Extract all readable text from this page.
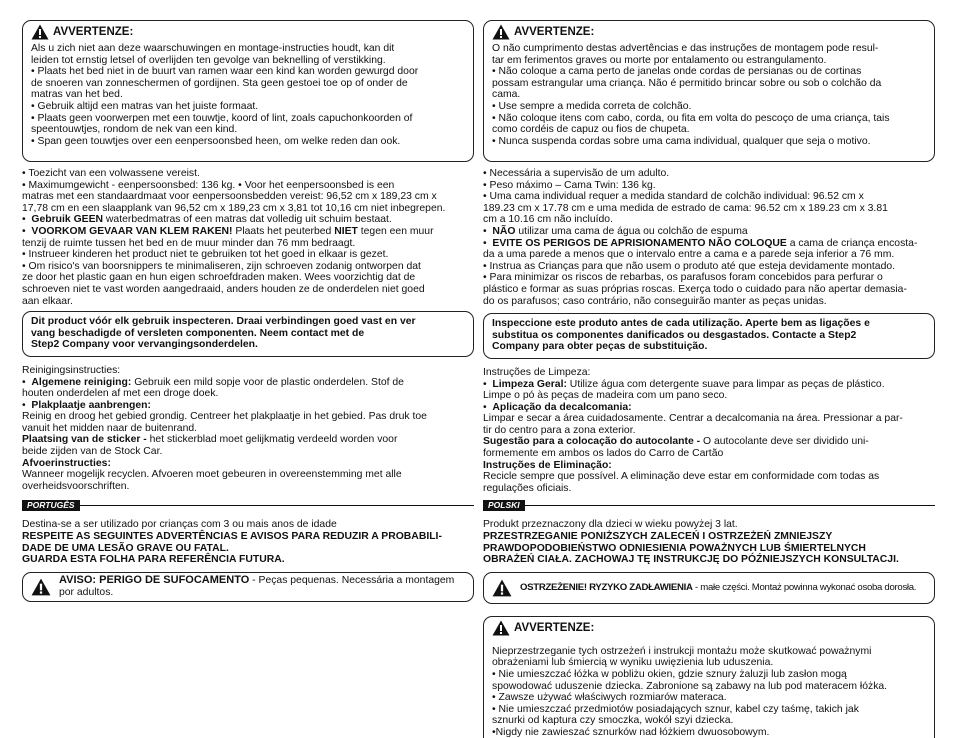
AVVERTENZE:
Als u zich niet aan deze waarschuwingen en montage-instructies houdt, kan dit
leiden tot ernstig letsel of overlijden ten gevolge van beknelling of verstikking.
• Plaats het bed niet in de buurt van ramen waar een kind kan worden gewurgd door
de snoeren van zonneschermen of gordijnen. Sta geen gestoei toe op of onder de
matras van het bed.
• Gebruik altijd een matras van het juiste formaat.
• Plaats geen voorwerpen met een touwtje, koord of lint, zoals capuchonkoorden of
speentouwtjes, rondom de nek van een kind.
• Span geen touwtjes over een eenpersoonsbed heen, om welke reden dan ook.
• Toezicht van een volwassene vereist.
• Maximumgewicht - eenpersoonsbed: 136 kg. • Voor het eenpersoonsbed is een
matras met een standaardmaat voor eenpersoonsbedden vereist: 96,52 cm x 189,23 cm x
17,78 cm en een slaapplank van 96,52 cm x 189,23 cm x 3,81 tot 10,16 cm niet inbegrepen.
•  Gebruik GEEN waterbedmatras of een matras dat volledig uit schuim bestaat.
•  VOORKOM GEVAAR VAN KLEM RAKEN! Plaats het peuterbed NIET tegen een muur
tenzij de ruimte tussen het bed en de muur minder dan 76 mm bedraagt.
• Instrueer kinderen het product niet te gebruiken tot het goed in elkaar is gezet.
• Om risico's van boorsnippers te minimaliseren, zijn schroeven zodanig ontworpen dat
ze door het plastic gaan en hun eigen schroefdraden maken. Wees voorzichtig dat de
schroeven niet te vast worden aangedraaid, anders houden ze de onderdelen niet goed
aan elkaar.
Dit product vóór elk gebruik inspecteren. Draai verbindingen goed vast en ver
vang beschadigde of versleten componenten. Neem contact met de
Step2 Company voor vervangingsonderdelen.
Reinigingsinstructies:
•  Algemene reiniging: Gebruik een mild sopje voor de plastic onderdelen. Stof de
houten onderdelen af met een droge doek.
•  Plakplaatje aanbrengen:
Reinig en droog het gebied grondig. Centreer het plakplaatje in het gebied. Pas druk toe
vanuit het midden naar de buitenrand.
Plaatsing van de sticker - het stickerblad moet gelijkmatig verdeeld worden voor
beide zijden van de Stock Car.
Afvoerinstructies:
Wanneer mogelijk recyclen. Afvoeren moet gebeuren in overeenstemming met alle
overheidsvoorschriften.
PORTUGÊS
Destina-se a ser utilizado por crianças com 3 ou mais anos de idade
RESPEITE AS SEGUINTES ADVERTÊNCIAS E AVISOS PARA REDUZIR A PROBABILI-
DADE DE UMA LESÃO GRAVE OU FATAL.
GUARDA ESTA FOLHA PARA REFERÊNCIA FUTURA.
AVISO: PERIGO DE SUFOCAMENTO - Peças pequenas. Necessária a montagem
por adultos.
AVVERTENZE:
O não cumprimento destas advertências e das instruções de montagem pode resul-
tar em ferimentos graves ou morte por entalamento ou estrangulamento.
• Não coloque a cama perto de janelas onde cordas de persianas ou de cortinas
possam estrangular uma criança. Não é permitido brincar sobre ou sob o colchão da
cama.
• Use sempre a medida correta de colchão.
• Não coloque itens com cabo, corda, ou fita em volta do pescoço de uma criança, tais
como cordéis de capuz ou fios de chupeta.
• Nunca suspenda cordas sobre uma cama individual, qualquer que seja o motivo.
• Necessária a supervisão de um adulto.
• Peso máximo – Cama Twin: 136 kg.
• Uma cama individual requer a medida standard de colchão individual: 96.52 cm x
189.23 cm x 17.78 cm e uma medida de estrado de cama: 96.52 cm x 189.23 cm x 3.81
cm a 10.16 cm não incluído.
•  NÃO utilizar uma cama de água ou colchão de espuma
•  EVITE OS PERIGOS DE APRISIONAMENTO NÃO COLOQUE a cama de criança encosta-
da a uma parede a menos que o intervalo entre a cama e a parede seja inferior a 76 mm.
• Instrua as Crianças para que não usem o produto até que esteja devidamente montado.
• Para minimizar os riscos de rebarbas, os parafusos foram concebidos para perfurar o
plástico e formar as suas próprias roscas. Exerça todo o cuidado para não apertar demasia-
do os parafusos; caso contrário, não conseguirão manter as peças unidas.
Inspeccione este produto antes de cada utilização. Aperte bem as ligações e
substitua os componentes danificados ou desgastados. Contacte a Step2
Company para obter peças de substituição.
Instruções de Limpeza:
•  Limpeza Geral: Utilize água com detergente suave para limpar as peças de plástico.
Limpe o pó às peças de madeira com um pano seco.
•  Aplicação da decalcomania:
Limpar e secar a área cuidadosamente. Centrar a decalcomania na área. Pressionar a par-
tir do centro para a zona exterior.
Sugestão para a colocação do autocolante - O autocolante deve ser dividido uni-
formemente em ambos os lados do Carro de Cartão
Instruções de Eliminação:
Recicle sempre que possível. A eliminação deve estar em conformidade com todas as
regulações oficiais.
POLSKI
Produkt przeznaczony dla dzieci w wieku powyżej 3 lat.
PRZESTRZEGANIE PONIŻSZYCH ZALECEŃ I OSTRZEŻEŃ ZMNIEJSZY
PRAWDOPODOBIEŃSTWO ODNIESIENIA POWAŻNYCH LUB ŚMIERTELNYCH
OBRAŻEŃ CIAŁA. ZACHOWAJ TĘ INSTRUKCJĘ DO PÓŹNIEJSZYCH KONSULTACJI.
OSTRZEŻENIE! RYZYKO ZADŁAWIENIA - małe części. Montaż powinna wykonać osoba dorosła.
AVVERTENZE:
Nieprzestrzeganie tych ostrzeżeń i instrukcji montażu może skutkować poważnymi
obrażeniami lub śmiercią w wyniku uwięzienia lub uduszenia.
• Nie umieszczać łóżka w pobliżu okien, gdzie sznury żaluzji lub zasłon mogą
spowodować uduszenie dziecka. Zabronione są zabawy na lub pod materacem łóżka.
• Zawsze używać właściwych rozmiarów materaca.
• Nie umieszczać przedmiotów posiadających sznur, kabel czy taśmę, takich jak
sznurki od kaptura czy smoczka, wokół szyi dziecka.
•Nigdy nie zawieszać sznurków nad łóżkiem dwuosobowym.
